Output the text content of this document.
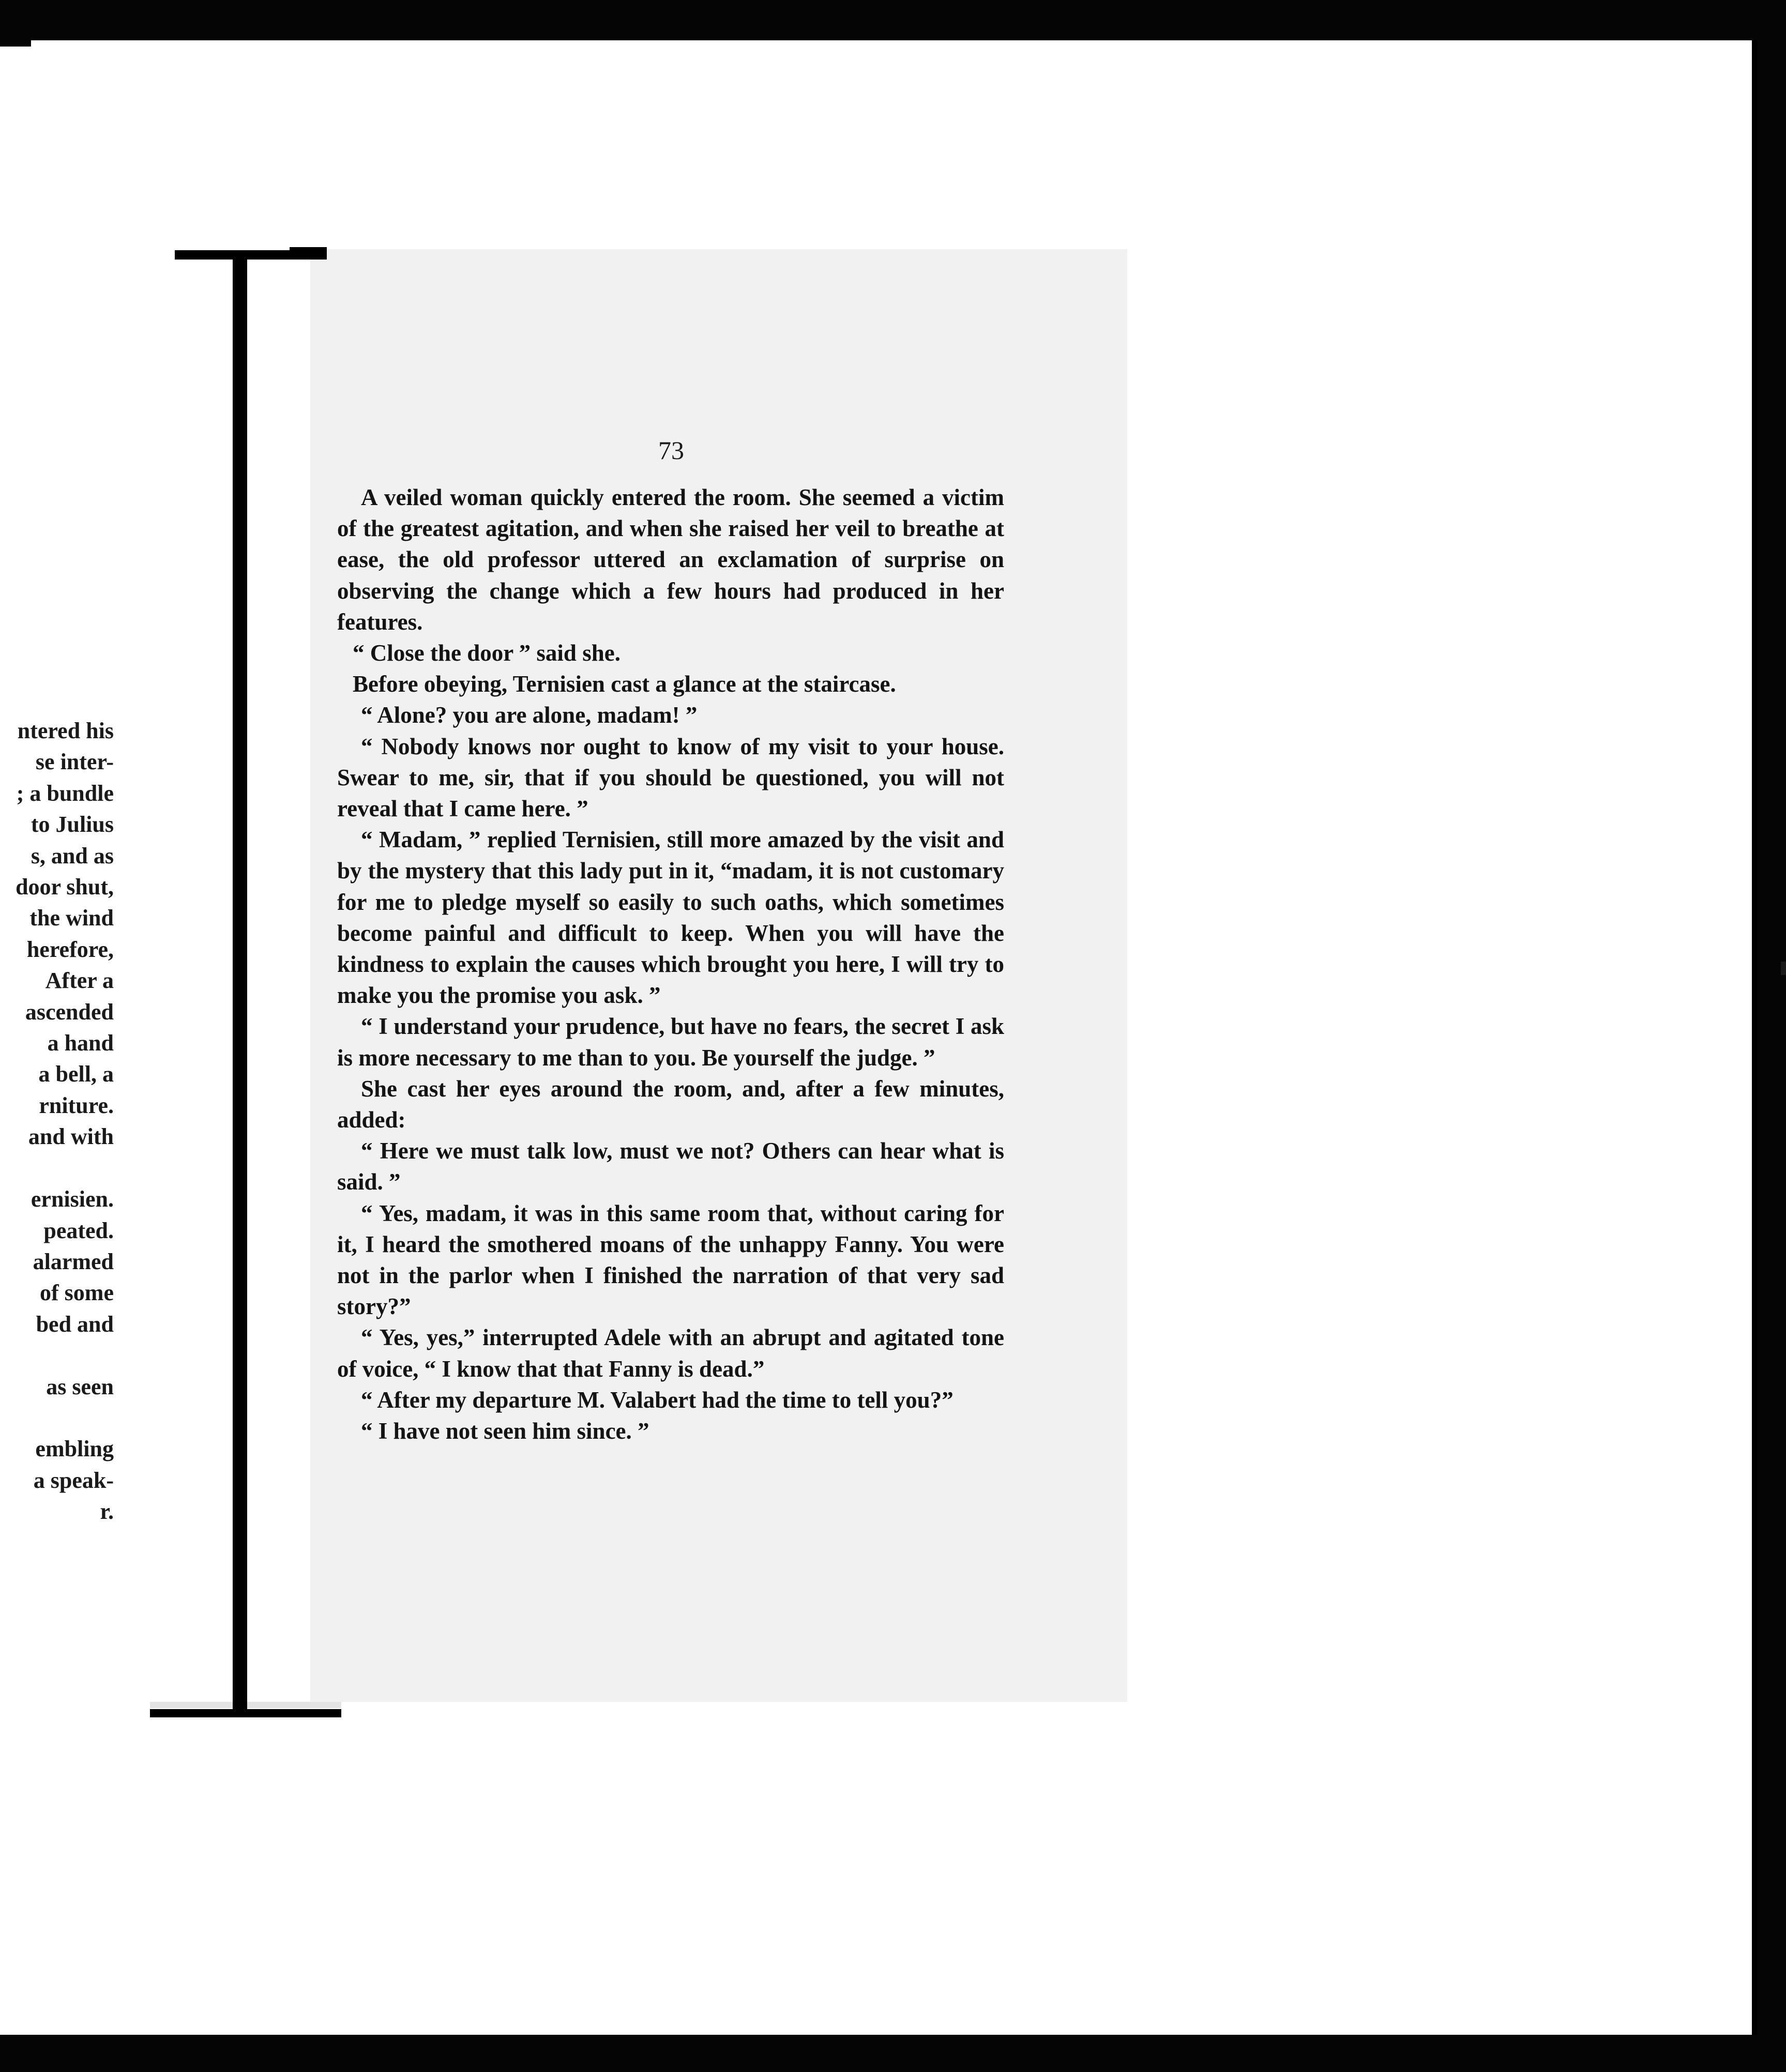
ntered his
se inter-
; a bundle
to Julius
s, and as
door shut,
the wind
herefore,
After a
ascended
a hand
a bell, a
rniture.
and with

ernisien.
peated.
alarmed
of some
bed and

as seen

embling
a speak-
r.
73

A veiled woman quickly entered the room. She seemed a victim of the greatest agitation, and when she raised her veil to breathe at ease, the old professor uttered an exclamation of surprise on observing the change which a few hours had produced in her features.

“ Close the door ” said she.

Before obeying, Ternisien cast a glance at the staircase.

“ Alone? you are alone, madam! ”

“ Nobody knows nor ought to know of my visit to your house. Swear to me, sir, that if you should be questioned, you will not reveal that I came here. ”

“ Madam, ” replied Ternisien, still more amazed by the visit and by the mystery that this lady put in it, “madam, it is not customary for me to pledge myself so easily to such oaths, which sometimes become painful and difficult to keep. When you will have the kindness to explain the causes which brought you here, I will try to make you the promise you ask. ”

“ I understand your prudence, but have no fears, the secret I ask is more necessary to me than to you. Be yourself the judge. ”

She cast her eyes around the room, and, after a few minutes, added:

“ Here we must talk low, must we not? Others can hear what is said. ”

“ Yes, madam, it was in this same room that, without caring for it, I heard the smothered moans of the unhappy Fanny. You were not in the parlor when I finished the narration of that very sad story?”

“ Yes, yes,” interrupted Adele with an abrupt and agitated tone of voice, “ I know that that Fanny is dead.”

“ After my departure M. Valabert had the time to tell you?”

“ I have not seen him since. ”
